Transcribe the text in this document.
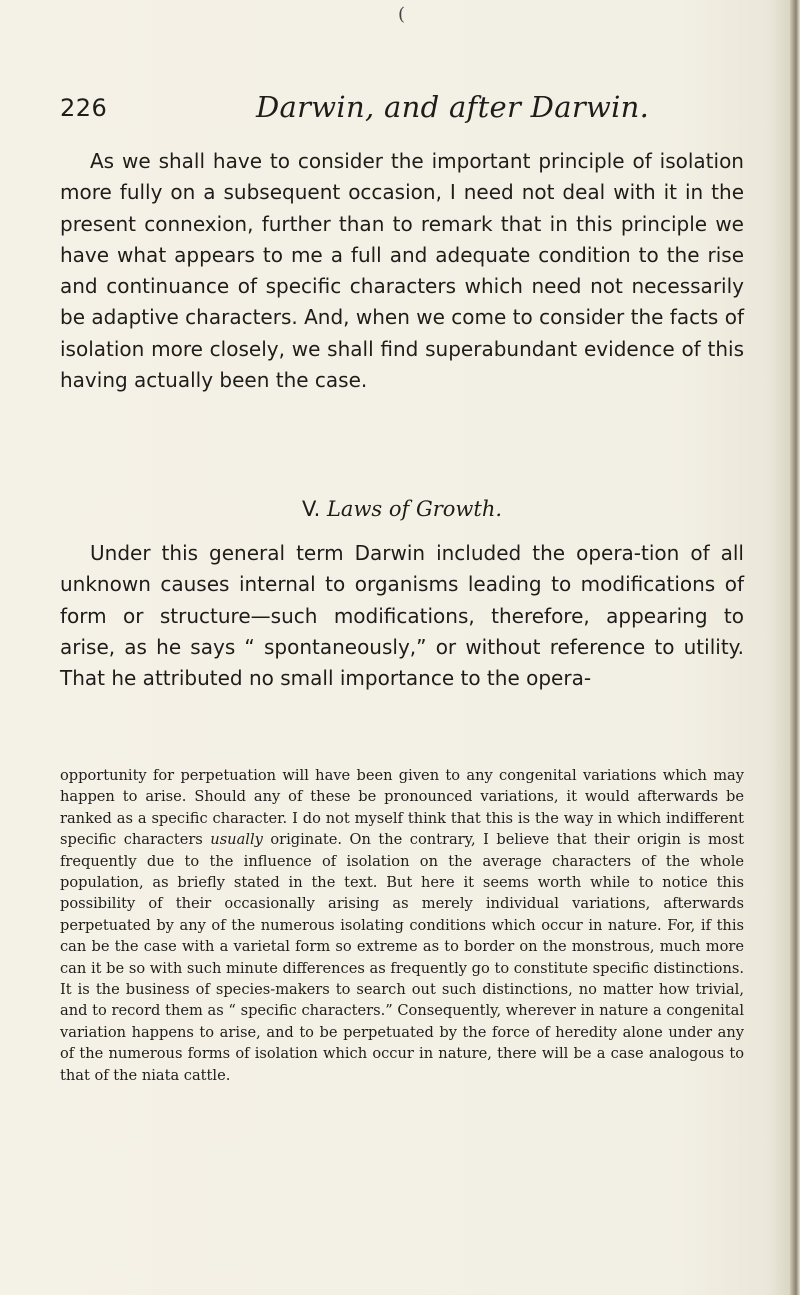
(
226	Darwin, and after Darwin.

As we shall have to consider the important principle of isolation more fully on a subsequent occasion, I need not deal with it in the present connexion, further than to remark that in this principle we have what appears to me a full and adequate condition to the rise and continuance of specific characters which need not necessarily be adaptive characters. And, when we come to consider the facts of isolation more closely, we shall find superabundant evidence of this having actually been the case.

V. Laws of Growth.

Under this general term Darwin included the opera-tion of all unknown causes internal to organisms leading to modifications of form or structure—such modifications, therefore, appearing to arise, as he says “ spontaneously,” or without reference to utility. That he attributed no small importance to the opera-

opportunity for perpetuation will have been given to any congenital variations which may happen to arise. Should any of these be pronounced variations, it would afterwards be ranked as a specific character. I do not myself think that this is the way in which indifferent specific characters usually originate. On the contrary, I believe that their origin is most frequently due to the influence of isolation on the average characters of the whole population, as briefly stated in the text. But here it seems worth while to notice this possibility of their occasionally arising as merely individual variations, afterwards perpetuated by any of the numerous isolating conditions which occur in nature. For, if this can be the case with a varietal form so extreme as to border on the monstrous, much more can it be so with such minute differences as frequently go to constitute specific distinctions. It is the business of species-makers to search out such distinctions, no matter how trivial, and to record them as “ specific characters.” Consequently, wherever in nature a congenital variation happens to arise, and to be perpetuated by the force of heredity alone under any of the numerous forms of isolation which occur in nature, there will be a case analogous to that of the niata cattle.
